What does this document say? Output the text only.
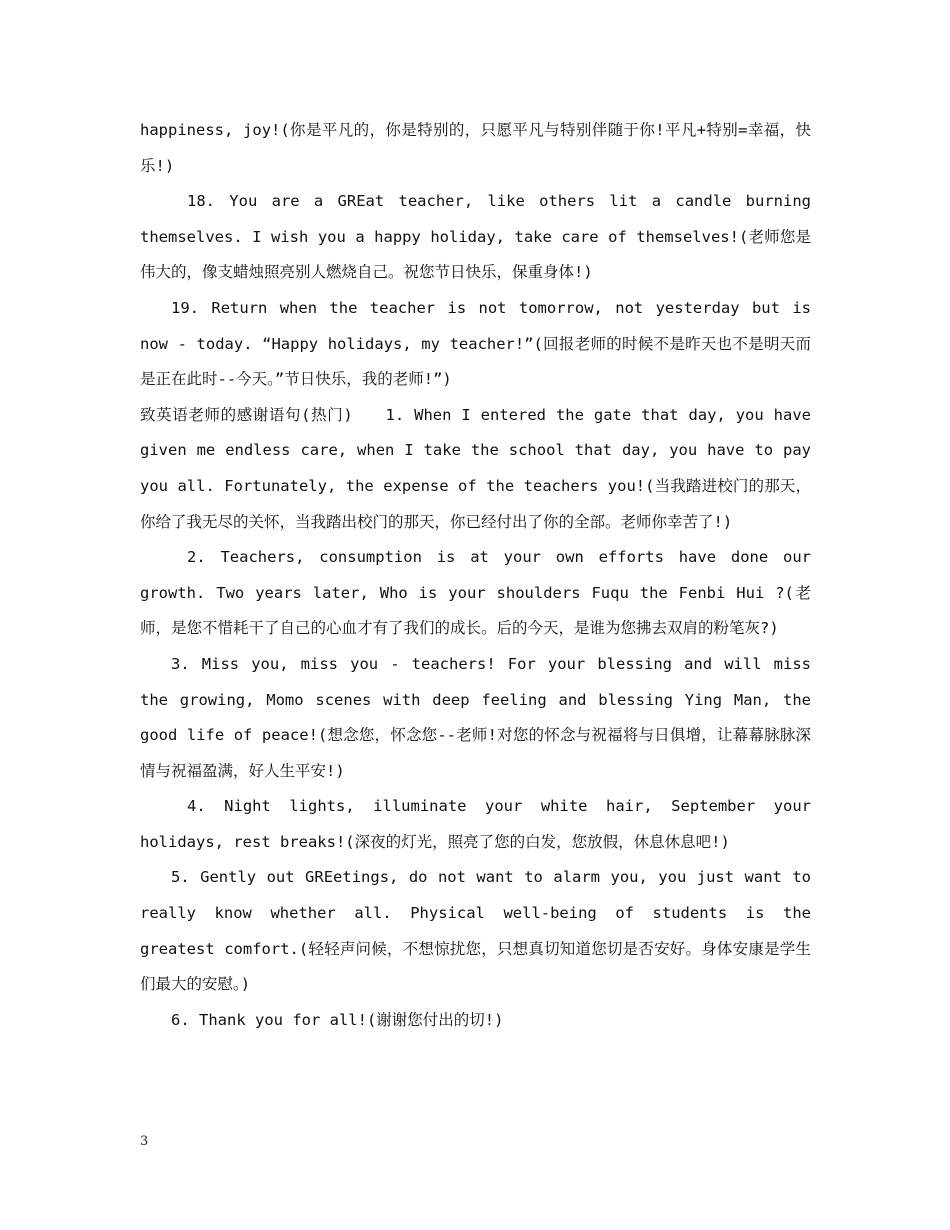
happiness, joy!(你是平凡的，你是特别的，只愿平凡与特别伴随于你!平凡+特别=幸福，快乐!)

18. You are a GREat teacher, like others lit a candle burning themselves. I wish you a happy holiday, take care of themselves!(老师您是伟大的，像支蜡烛照亮别人燃烧自己。祝您节日快乐，保重身体!)

19. Return when the teacher is not tomorrow, not yesterday but is now - today. “Happy holidays, my teacher!”(回报老师的时候不是昨天也不是明天而是正在此时--今天。”节日快乐，我的老师!”)

致英语老师的感谢语句(热门)　　1. When I entered the gate that day, you have given me endless care, when I take the school that day, you have to pay you all. Fortunately, the expense of the teachers you!(当我踏进校门的那天，你给了我无尽的关怀，当我踏出校门的那天，你已经付出了你的全部。老师你幸苦了!)

2. Teachers, consumption is at your own efforts have done our growth. Two years later, Who is your shoulders Fuqu the Fenbi Hui ?(老师，是您不惜耗干了自己的心血才有了我们的成长。后的今天，是谁为您拂去双肩的粉笔灰?)

3. Miss you, miss you - teachers! For your blessing and will miss the growing, Momo scenes with deep feeling and blessing Ying Man, the good life of peace!(想念您，怀念您--老师!对您的怀念与祝福将与日俱增，让幕幕脉脉深情与祝福盈满，好人生平安!)

4. Night lights, illuminate your white hair, September your holidays, rest breaks!(深夜的灯光，照亮了您的白发，您放假，休息休息吧!)

5. Gently out GREetings, do not want to alarm you, you just want to really know whether all. Physical well-being of students is the greatest comfort.(轻轻声问候，不想惊扰您，只想真切知道您切是否安好。身体安康是学生们最大的安慰。)

6. Thank you for all!(谢谢您付出的切!)

3
